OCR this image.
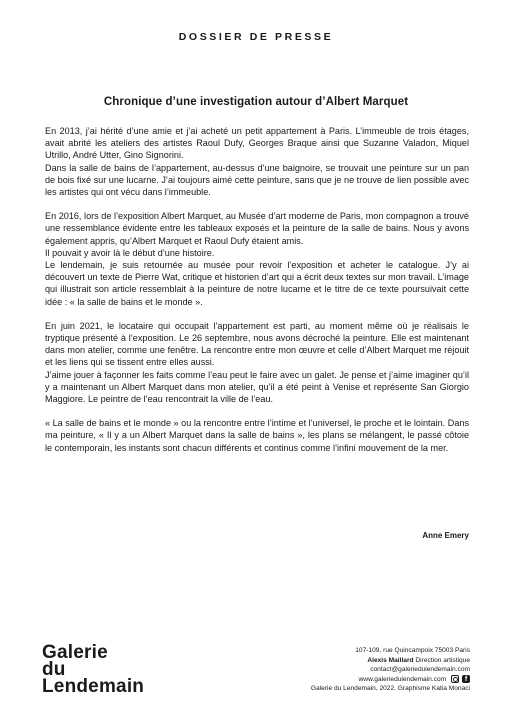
DOSSIER DE PRESSE
Chronique d’une investigation autour d’Albert Marquet

En 2013, j’ai hérité d’une amie et j’ai acheté un petit appartement à Paris. L’immeuble de trois étages, avait abrité les ateliers des artistes Raoul Dufy, Georges Braque ainsi que Suzanne Valadon, Miquel Utrillo, André Utter, Gino Signorini.

Dans la salle de bains de l’appartement, au-dessus d’une baignoire, se trouvait une peinture sur un pan de bois fixé sur une lucarne. J’ai toujours aimé cette peinture, sans que je ne trouve de lien possible avec les artistes qui ont vécu dans l’immeuble.

En 2016, lors de l’exposition Albert Marquet, au Musée d’art moderne de Paris, mon compagnon a trouvé une ressemblance évidente entre les tableaux exposés et la peinture de la salle de bains. Nous y avons également appris, qu’Albert Marquet et Raoul Dufy étaient amis.

Il pouvait y avoir là le début d’une histoire.

Le lendemain, je suis retournée au musée pour revoir l’exposition et acheter le catalogue. J’y ai découvert un texte de Pierre Wat, critique et historien d’art qui a écrit deux textes sur mon travail. L’image qui illustrait son article ressemblait à la peinture de notre lucarne et le titre de ce texte poursuivait cette idée : « la salle de bains et le monde ».

En juin 2021, le locataire qui occupait l’appartement est parti, au moment même où je réalisais le tryptique présenté à l’exposition. Le 26 septembre, nous avons décroché la peinture. Elle est maintenant dans mon atelier, comme une fenêtre. La rencontre entre mon œuvre et celle d’Albert Marquet me réjouit et les liens qui se tissent entre elles aussi.

J’aime jouer à façonner les faits comme l’eau peut le faire avec un galet. Je pense et j’aime imaginer qu’il y a maintenant un Albert Marquet dans mon atelier, qu’il a été peint à Venise et représente San Giorgio Maggiore. Le peintre de l’eau rencontrait la ville de l’eau.

« La salle de bains et le monde » ou la rencontre entre l’intime et l’universel, le proche et le lointain. Dans ma peinture, « Il y a un Albert Marquet dans la salle de bains », les plans se mélangent, le passé côtoie le contemporain, les instants sont chacun différents et continus comme l’infini mouvement de la mer.

Anne Emery
Galerie
du
Lendemain
107-109, rue Quincampoix 75003 Paris
Alexis Maillard Direction artistique
contact@galeriedulendemain.com
www.galeriedulendemain.com	f
Galerie du Lendemain, 2022. Graphisme Katia Monaci
